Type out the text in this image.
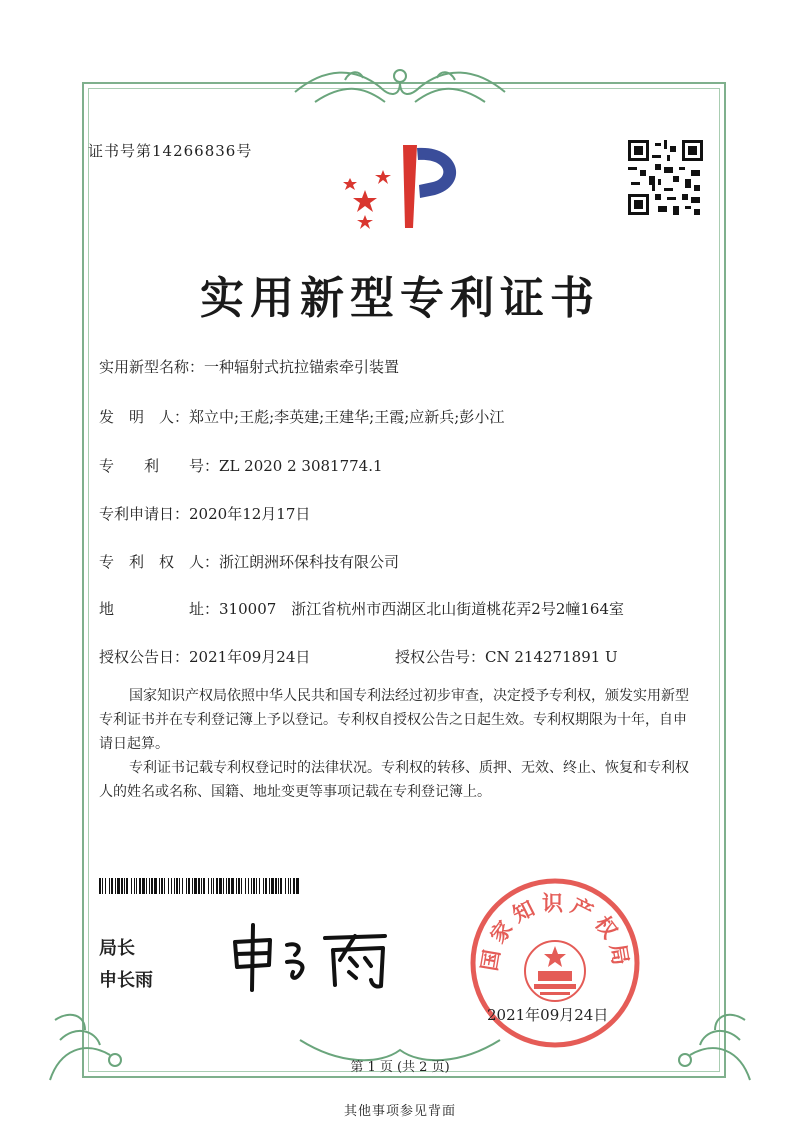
证书号第14266836号
实用新型专利证书
实用新型名称：一种辐射式抗拉锚索牵引装置
发　明　人：郑立中;王彪;李英建;王建华;王霞;应新兵;彭小江
专　　利　　号：ZL 2020 2 3081774.1
专利申请日：2020年12月17日
专　利　权　人：浙江朗洲环保科技有限公司
地　　　　　址：310007　浙江省杭州市西湖区北山街道桃花弄2号2幢164室
授权公告日：2021年09月24日	授权公告号：CN 214271891 U
国家知识产权局依照中华人民共和国专利法经过初步审查，决定授予专利权，颁发实用新型专利证书并在专利登记簿上予以登记。专利权自授权公告之日起生效。专利权期限为十年，自申请日起算。
专利证书记载专利权登记时的法律状况。专利权的转移、质押、无效、终止、恢复和专利权人的姓名或名称、国籍、地址变更等事项记载在专利登记簿上。
局长
申长雨
国家知识产权局
2021年09月24日
第 1 页 (共 2 页)
其他事项参见背面
